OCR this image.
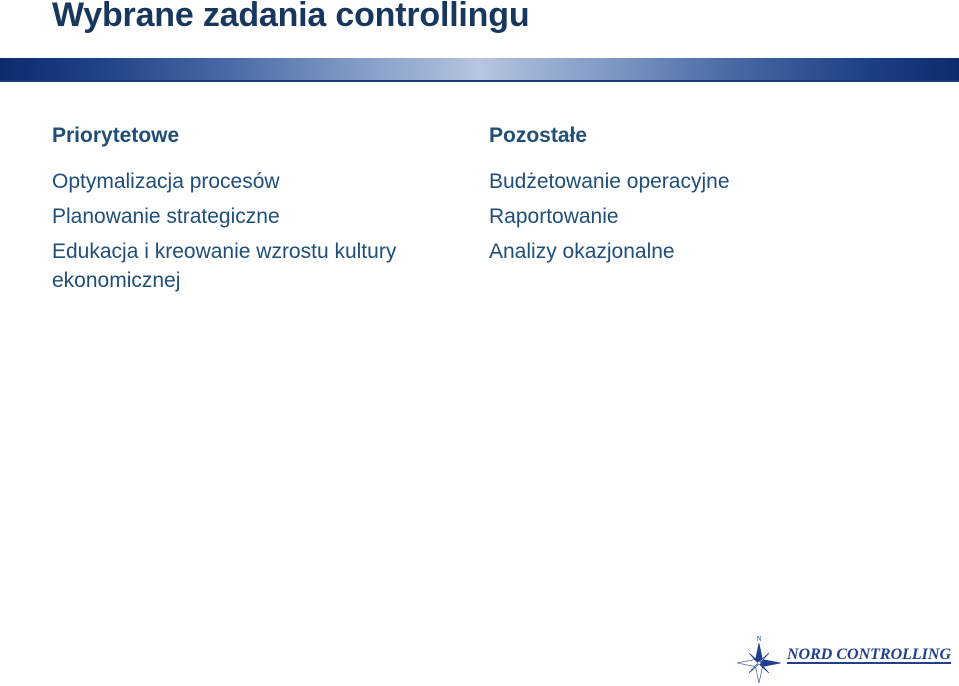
Wybrane zadania controllingu
Priorytetowe
Optymalizacja procesów
Planowanie strategiczne
Edukacja i kreowanie wzrostu kultury ekonomicznej
Pozostałe
Budżetowanie operacyjne
Raportowanie
Analizy okazjonalne
N
NORD CONTROLLING
